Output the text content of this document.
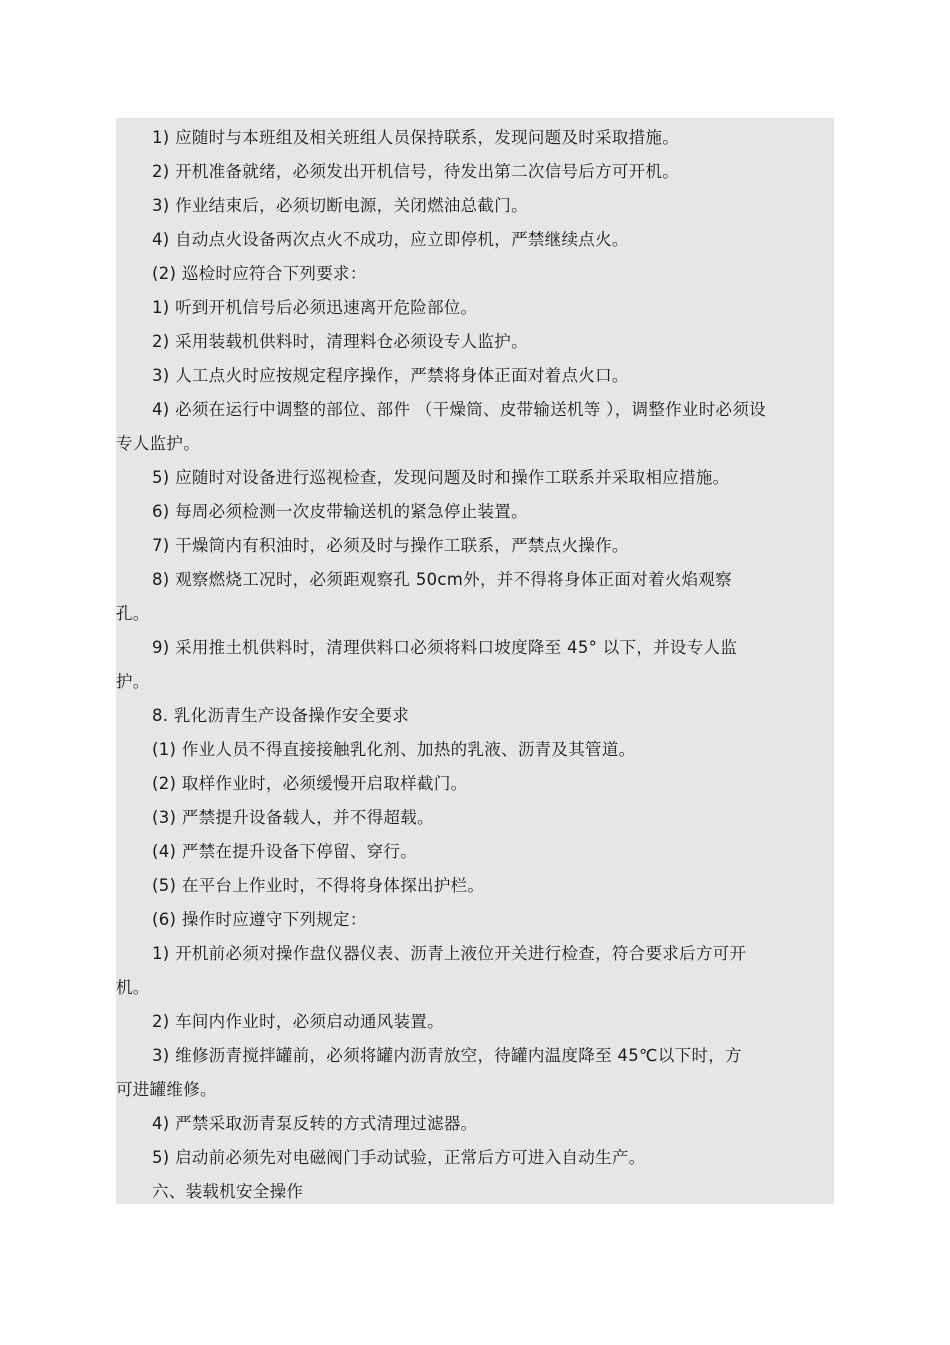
1) 应随时与本班组及相关班组人员保持联系，发现问题及时采取措施。
2) 开机准备就绪，必须发出开机信号，待发出第二次信号后方可开机。
3) 作业结束后，必须切断电源，关闭燃油总截门。
4) 自动点火设备两次点火不成功，应立即停机，严禁继续点火。
(2) 巡检时应符合下列要求：
1) 听到开机信号后必须迅速离开危险部位。
2) 采用装载机供料时，清理料仓必须设专人监护。
3) 人工点火时应按规定程序操作，严禁将身体正面对着点火口。
4) 必须在运行中调整的部位、部件 （干燥筒、皮带输送机等 ），调整作业时必须设
专人监护。
5) 应随时对设备进行巡视检查，发现问题及时和操作工联系并采取相应措施。
6) 每周必须检测一次皮带输送机的紧急停止装置。
7) 干燥筒内有积油时，必须及时与操作工联系，严禁点火操作。
8) 观察燃烧工况时，必须距观察孔 50cm外，并不得将身体正面对着火焰观察
孔。
9) 采用推土机供料时，清理供料口必须将料口坡度降至 45° 以下，并设专人监
护。
8. 乳化沥青生产设备操作安全要求
(1) 作业人员不得直接接触乳化剂、加热的乳液、沥青及其管道。
(2) 取样作业时，必须缓慢开启取样截门。
(3) 严禁提升设备载人，并不得超载。
(4) 严禁在提升设备下停留、穿行。
(5) 在平台上作业时，不得将身体探出护栏。
(6) 操作时应遵守下列规定：
1) 开机前必须对操作盘仪器仪表、沥青上液位开关进行检查，符合要求后方可开
机。
2) 车间内作业时，必须启动通风装置。
3) 维修沥青搅拌罐前，必须将罐内沥青放空，待罐内温度降至 45℃以下时，方
可进罐维修。
4) 严禁采取沥青泵反转的方式清理过滤器。
5) 启动前必须先对电磁阀门手动试验，正常后方可进入自动生产。
六、装载机安全操作
